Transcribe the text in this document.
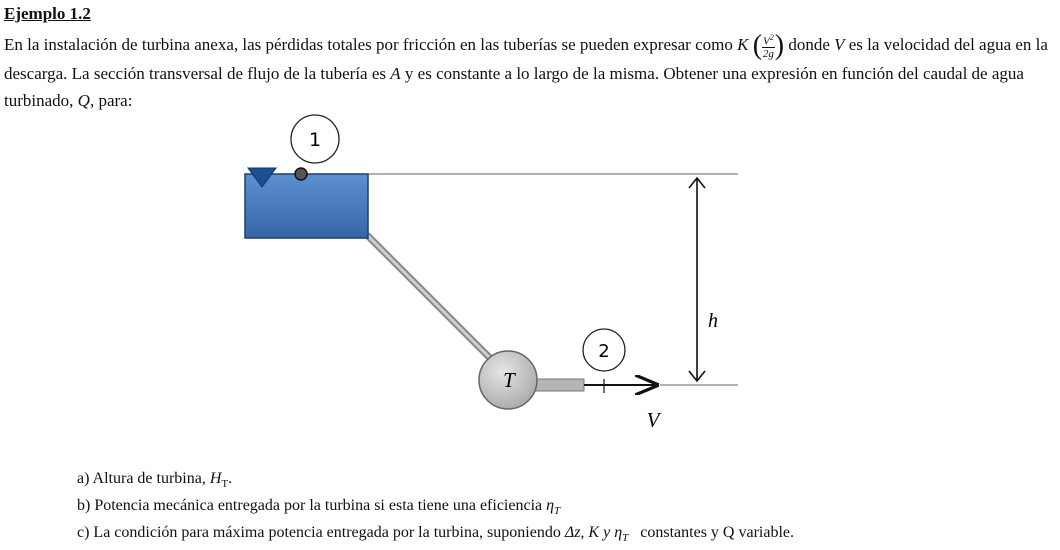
Ejemplo 1.2

En la instalación de turbina anexa, las pérdidas totales por fricción en las tuberías se pueden expresar como K ( $\frac{V^2}{2g}$ ) donde V es la velocidad del agua en la descarga. La sección transversal de flujo de la tubería es A y es constante a lo largo de la misma. Obtener una expresión en función del caudal de agua turbinado, Q, para:

1
T
2
V
h
a) Altura de turbina, $H_T$.
b) Potencia mecánica entregada por la turbina si esta tiene una eficiencia $\eta_T$
c) La condición para máxima potencia entregada por la turbina, suponiendo Δz, K y $\eta_T$   constantes y Q variable.
